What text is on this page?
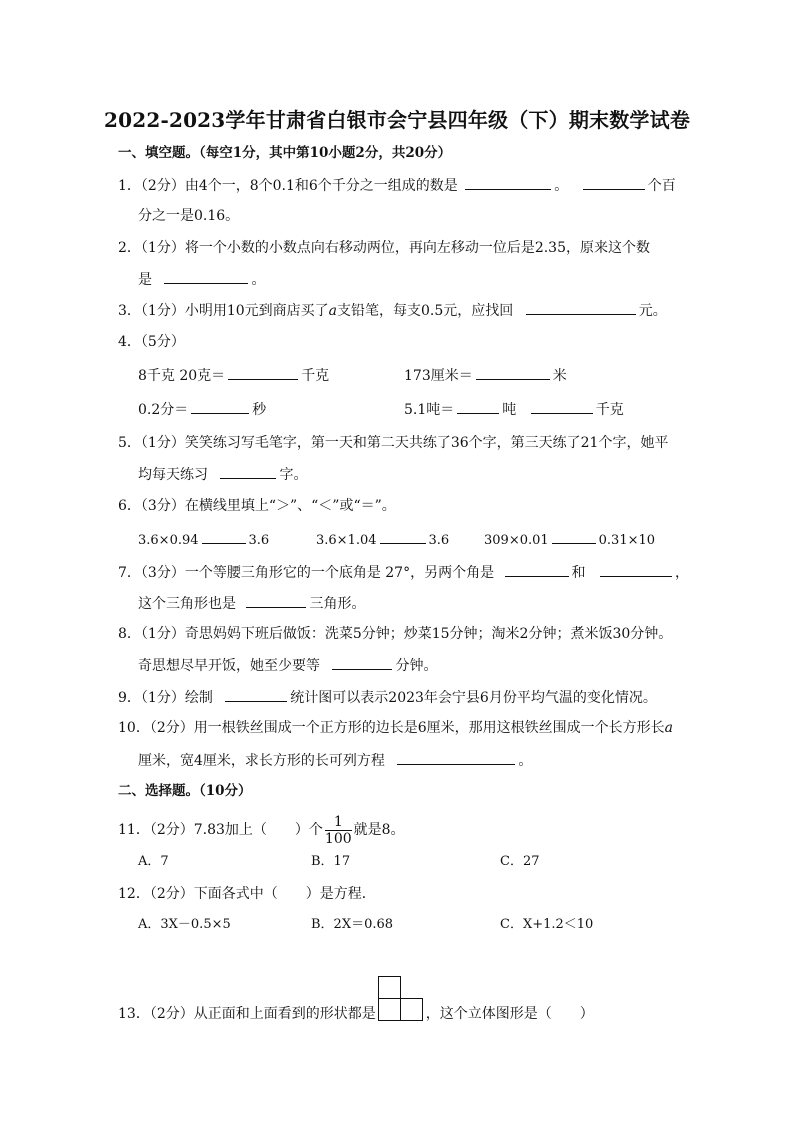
2022-2023学年甘肃省白银市会宁县四年级（下）期末数学试卷
一、填空题。（每空1分，其中第10小题2分，共20分）
1．（2分）由4个一，8个0.1和6个千分之一组成的数是	。	个百
分之一是0.16。
2．（1分）将一个小数的小数点向右移动两位，再向左移动一位后是2.35，原来这个数
是	。
3．（1分）小明用10元到商店买了a支铅笔，每支0.5元，应找回	元。
4．（5分）
8千克 20克＝	千克	173厘米＝	米
0.2分＝	秒	5.1吨＝	吨	千克
5．（1分）笑笑练习写毛笔字，第一天和第二天共练了36个字，第三天练了21个字，她平
均每天练习	字。
6．（3分）在横线里填上“＞”、“＜”或“＝”。
3.6×0.94	3.6	3.6×1.04	3.6	309×0.01	0.31×10
7．（3分）一个等腰三角形它的一个底角是 27°，另两个角是	和	，
这个三角形也是	三角形。
8．（1分）奇思妈妈下班后做饭：洗菜5分钟；炒菜15分钟；淘米2分钟；煮米饭30分钟。
奇思想尽早开饭，她至少要等	分钟。
9．（1分）绘制	统计图可以表示2023年会宁县6月份平均气温的变化情况。
10．（2分）用一根铁丝围成一个正方形的边长是6厘米，那用这根铁丝围成一个长方形长a
厘米，宽4厘米，求长方形的长可列方程	。
二、选择题。（10分）
11．（2分）7.83加上（　　）个 $\frac{1}{100}$ 就是8。
A．7	B．17	C．27
12．（2分）下面各式中（　　）是方程．
A．3X－0.5×5	B．2X＝0.68	C．X+1.2＜10
13．（2分）从正面和上面看到的形状都是	，这个立体图形是（　　）
